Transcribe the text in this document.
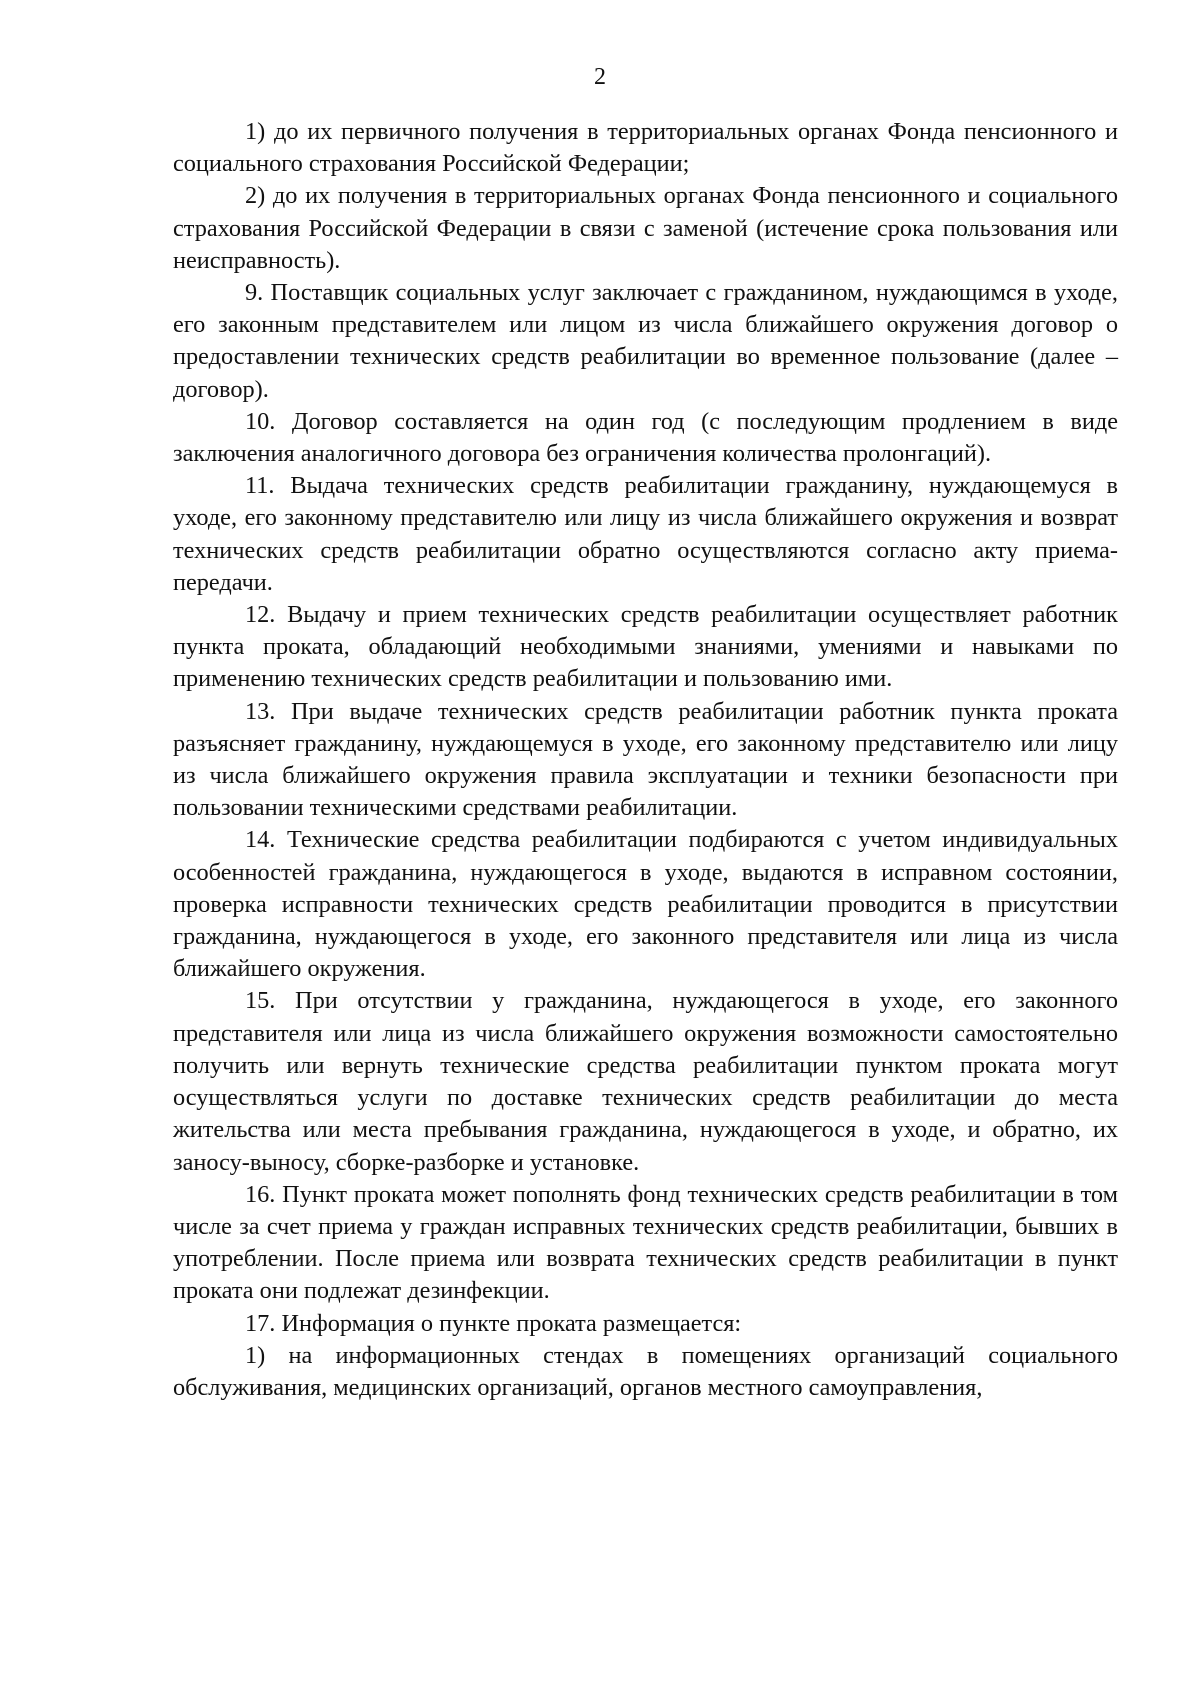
2

1) до их первичного получения в территориальных органах Фонда пенсионного и социального страхования Российской Федерации;

2) до их получения в территориальных органах Фонда пенсионного и социального страхования Российской Федерации в связи с заменой (истечение срока пользования или неисправность).

9. Поставщик социальных услуг заключает с гражданином, нуждающимся в уходе, его законным представителем или лицом из числа ближайшего окружения договор о предоставлении технических средств реабилитации во временное пользование (далее – договор).

10. Договор составляется на один год (с последующим продлением в виде заключения аналогичного договора без ограничения количества пролонгаций).

11. Выдача технических средств реабилитации гражданину, нуждающемуся в уходе, его законному представителю или лицу из числа ближайшего окружения и возврат технических средств реабилитации обратно осуществляются согласно акту приема-передачи.

12. Выдачу и прием технических средств реабилитации осуществляет работник пункта проката, обладающий необходимыми знаниями, умениями и навыками по применению технических средств реабилитации и пользованию ими.

13. При выдаче технических средств реабилитации работник пункта проката разъясняет гражданину, нуждающемуся в уходе, его законному представителю или лицу из числа ближайшего окружения правила эксплуатации и техники безопасности при пользовании техническими средствами реабилитации.

14. Технические средства реабилитации подбираются с учетом индивидуальных особенностей гражданина, нуждающегося в уходе, выдаются в исправном состоянии, проверка исправности технических средств реабилитации проводится в присутствии гражданина, нуждающегося в уходе, его законного представителя или лица из числа ближайшего окружения.

15. При отсутствии у гражданина, нуждающегося в уходе, его законного представителя или лица из числа ближайшего окружения возможности самостоятельно получить или вернуть технические средства реабилитации пунктом проката могут осуществляться услуги по доставке технических средств реабилитации до места жительства или места пребывания гражданина, нуждающегося в уходе, и обратно, их заносу-выносу, сборке-разборке и установке.

16. Пункт проката может пополнять фонд технических средств реабилитации в том числе за счет приема у граждан исправных технических средств реабилитации, бывших в употреблении. После приема или возврата технических средств реабилитации в пункт проката они подлежат дезинфекции.

17. Информация о пункте проката размещается:

1) на информационных стендах в помещениях организаций социального обслуживания, медицинских организаций, органов местного самоуправления,
